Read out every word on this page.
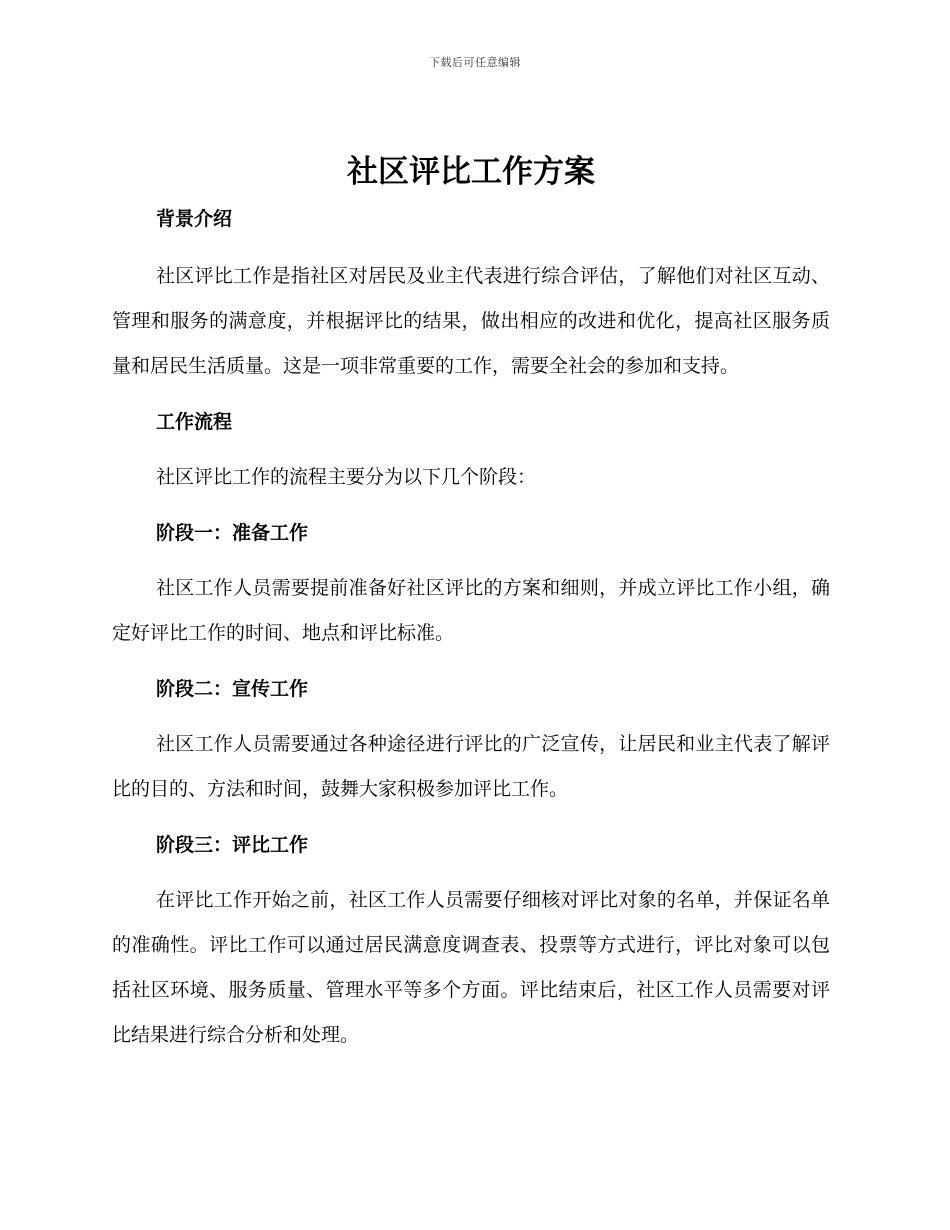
下载后可任意编辑
社区评比工作方案
背景介绍

社区评比工作是指社区对居民及业主代表进行综合评估，了解他们对社区互动、管理和服务的满意度，并根据评比的结果，做出相应的改进和优化，提高社区服务质量和居民生活质量。这是一项非常重要的工作，需要全社会的参加和支持。

工作流程

社区评比工作的流程主要分为以下几个阶段：

阶段一：准备工作

社区工作人员需要提前准备好社区评比的方案和细则，并成立评比工作小组，确定好评比工作的时间、地点和评比标准。

阶段二：宣传工作

社区工作人员需要通过各种途径进行评比的广泛宣传，让居民和业主代表了解评比的目的、方法和时间，鼓舞大家积极参加评比工作。

阶段三：评比工作

在评比工作开始之前，社区工作人员需要仔细核对评比对象的名单，并保证名单的准确性。评比工作可以通过居民满意度调查表、投票等方式进行，评比对象可以包括社区环境、服务质量、管理水平等多个方面。评比结束后，社区工作人员需要对评比结果进行综合分析和处理。
